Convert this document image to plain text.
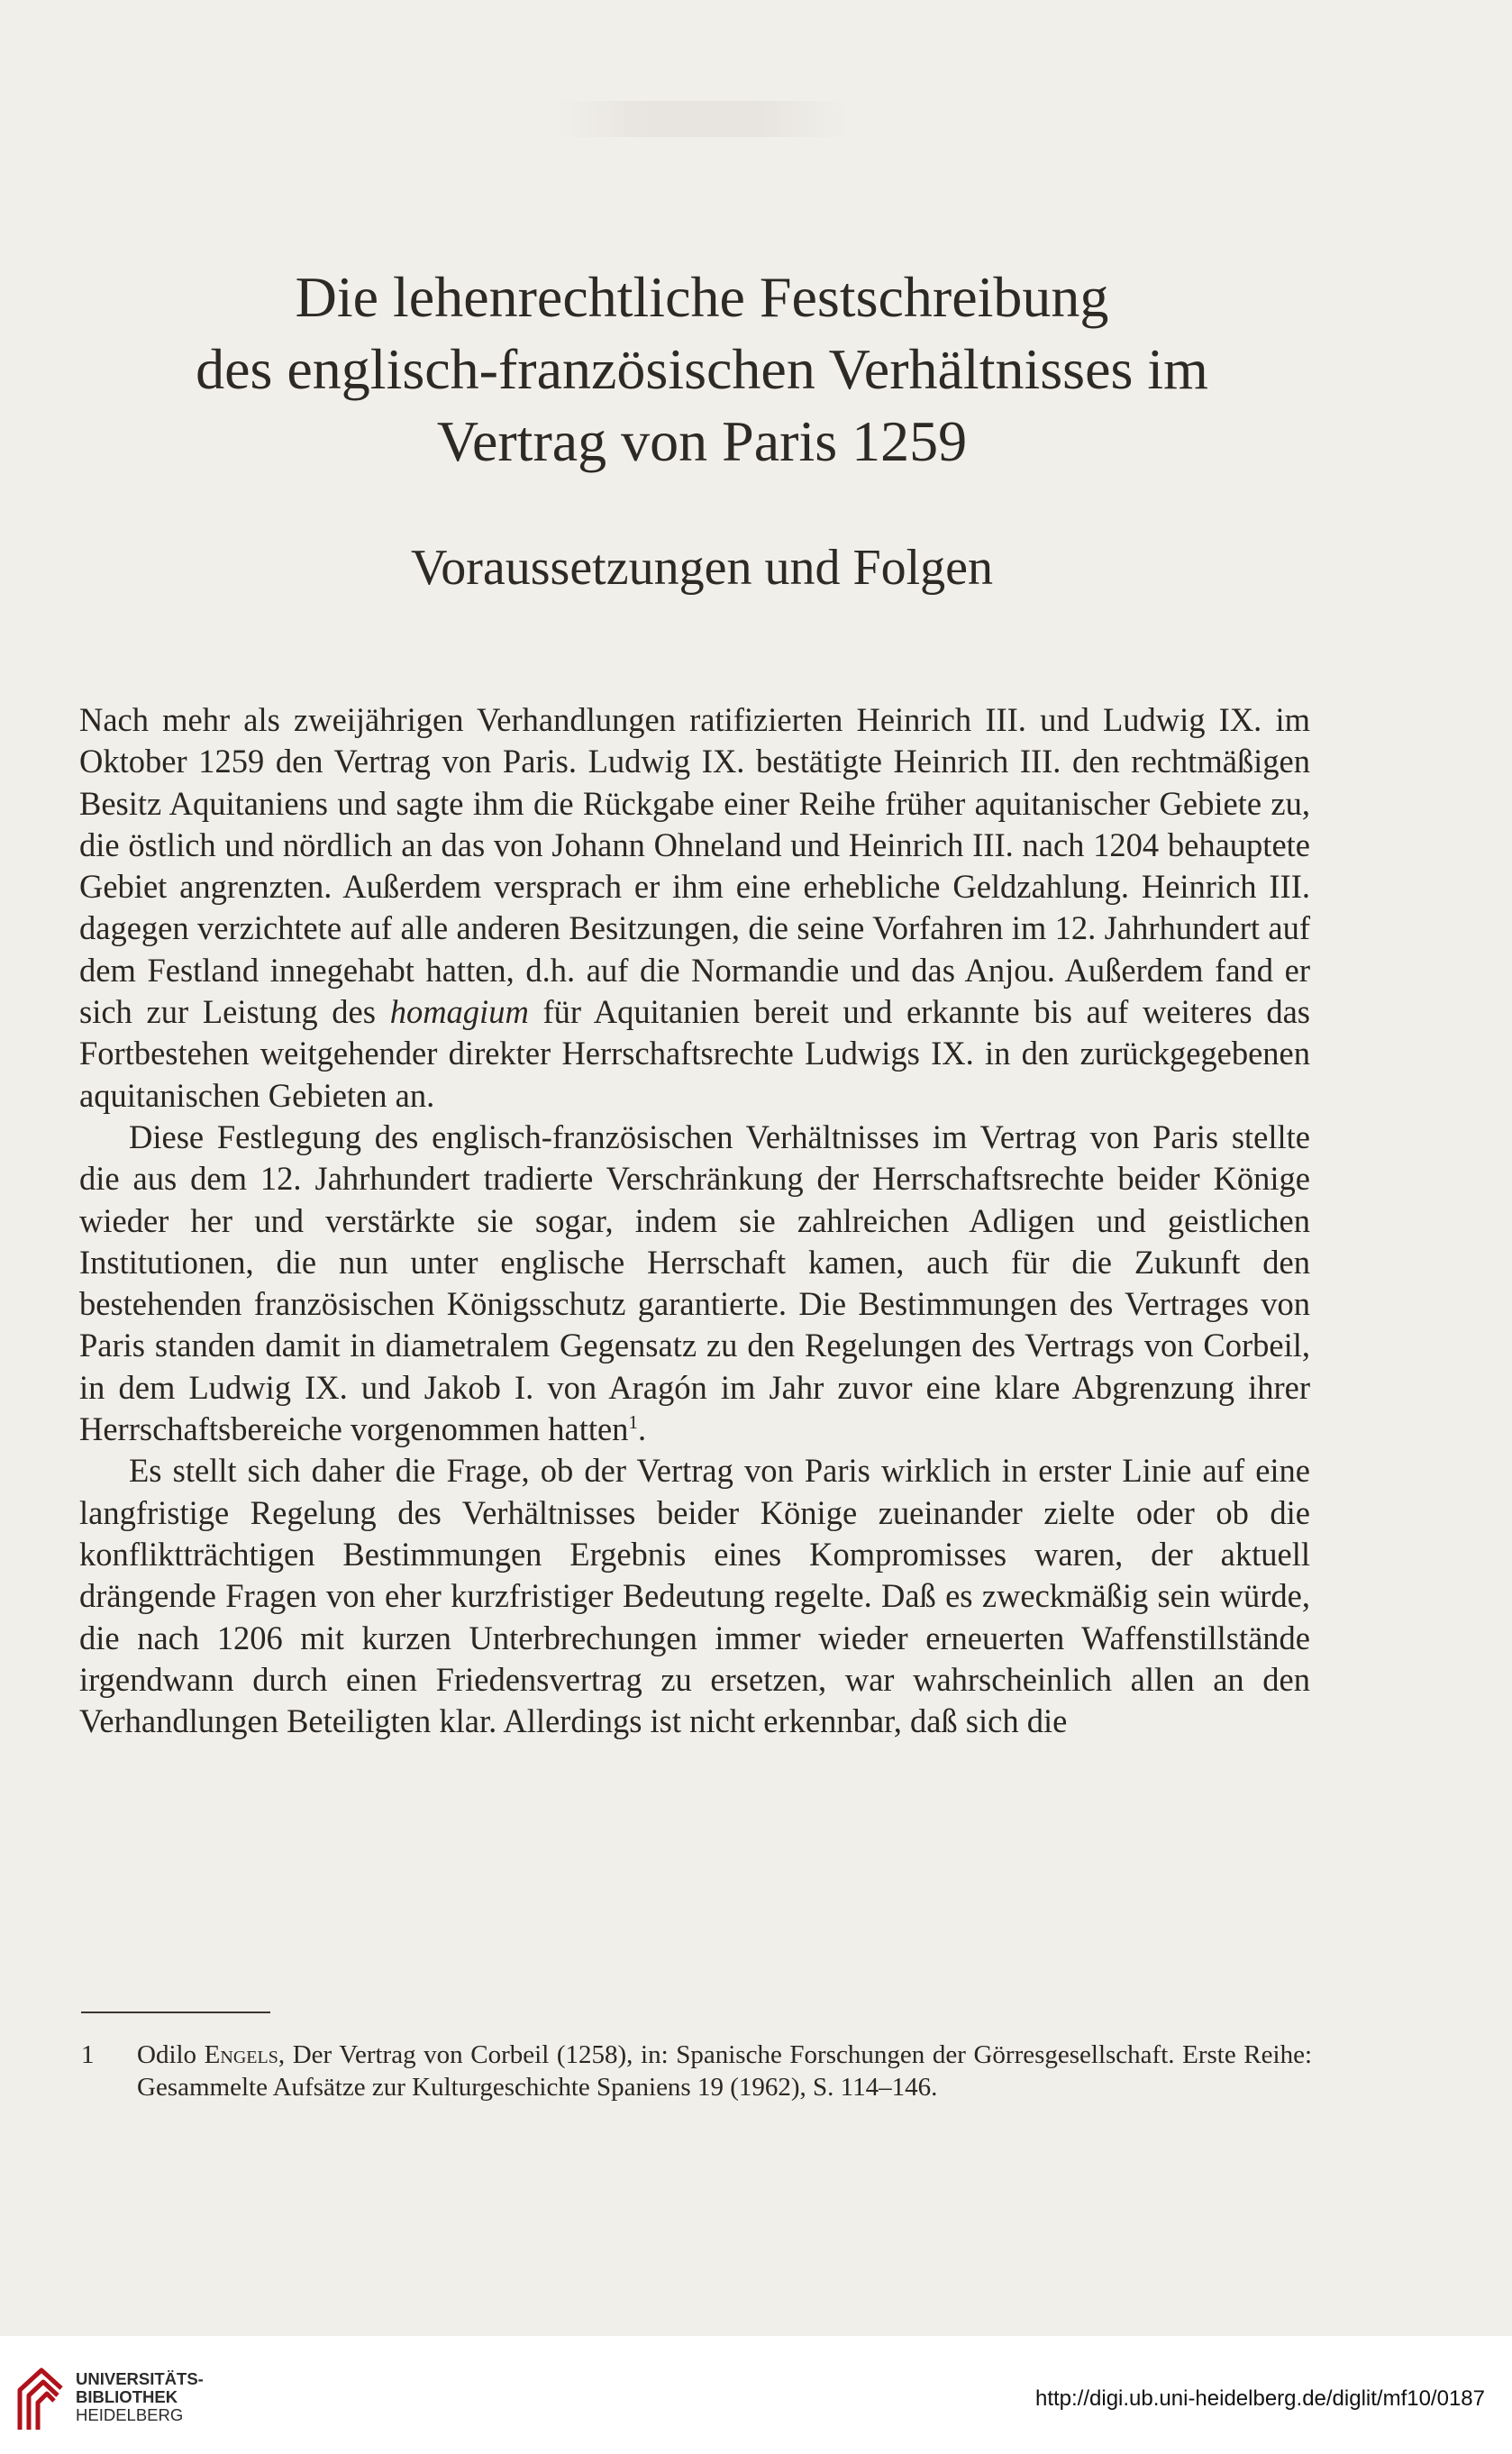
Die lehenrechtliche Festschreibung
des englisch-französischen Verhältnisses im
Vertrag von Paris 1259
Voraussetzungen und Folgen

Nach mehr als zweijährigen Verhandlungen ratifizierten Heinrich III. und Ludwig IX. im Oktober 1259 den Vertrag von Paris. Ludwig IX. bestätigte Heinrich III. den rechtmäßigen Besitz Aquitaniens und sagte ihm die Rückgabe einer Reihe früher aquitanischer Gebiete zu, die östlich und nördlich an das von Johann Ohneland und Heinrich III. nach 1204 behauptete Gebiet angrenzten. Außerdem versprach er ihm eine erhebliche Geldzahlung. Heinrich III. dagegen verzichtete auf alle anderen Besitzungen, die seine Vorfahren im 12. Jahrhundert auf dem Festland innegehabt hatten, d.h. auf die Normandie und das Anjou. Außerdem fand er sich zur Leistung des homagium für Aquitanien bereit und erkannte bis auf weiteres das Fortbestehen weitgehender direkter Herrschaftsrechte Ludwigs IX. in den zurückgegebenen aquitanischen Gebieten an.

Diese Festlegung des englisch-französischen Verhältnisses im Vertrag von Paris stellte die aus dem 12. Jahrhundert tradierte Verschränkung der Herrschaftsrechte beider Könige wieder her und verstärkte sie sogar, indem sie zahlreichen Adligen und geistlichen Institutionen, die nun unter englische Herrschaft kamen, auch für die Zukunft den bestehenden französischen Königsschutz garantierte. Die Bestimmungen des Vertrages von Paris standen damit in diametralem Gegensatz zu den Regelungen des Vertrags von Corbeil, in dem Ludwig IX. und Jakob I. von Aragón im Jahr zuvor eine klare Abgrenzung ihrer Herrschaftsbereiche vorgenommen hatten$^1$.

Es stellt sich daher die Frage, ob der Vertrag von Paris wirklich in erster Linie auf eine langfristige Regelung des Verhältnisses beider Könige zueinander zielte oder ob die konfliktträchtigen Bestimmungen Ergebnis eines Kompromisses waren, der aktuell drängende Fragen von eher kurzfristiger Bedeutung regelte. Daß es zweckmäßig sein würde, die nach 1206 mit kurzen Unterbrechungen immer wieder erneuerten Waffenstillstände irgendwann durch einen Friedensvertrag zu ersetzen, war wahrscheinlich allen an den Verhandlungen Beteiligten klar. Allerdings ist nicht erkennbar, daß sich die

1	Odilo Engels, Der Vertrag von Corbeil (1258), in: Spanische Forschungen der Görresgesellschaft. Erste Reihe: Gesammelte Aufsätze zur Kulturgeschichte Spaniens 19 (1962), S. 114–146.
UNIVERSITÄTS-
BIBLIOTHEK
HEIDELBERG
http://digi.ub.uni-heidelberg.de/diglit/mf10/0187
